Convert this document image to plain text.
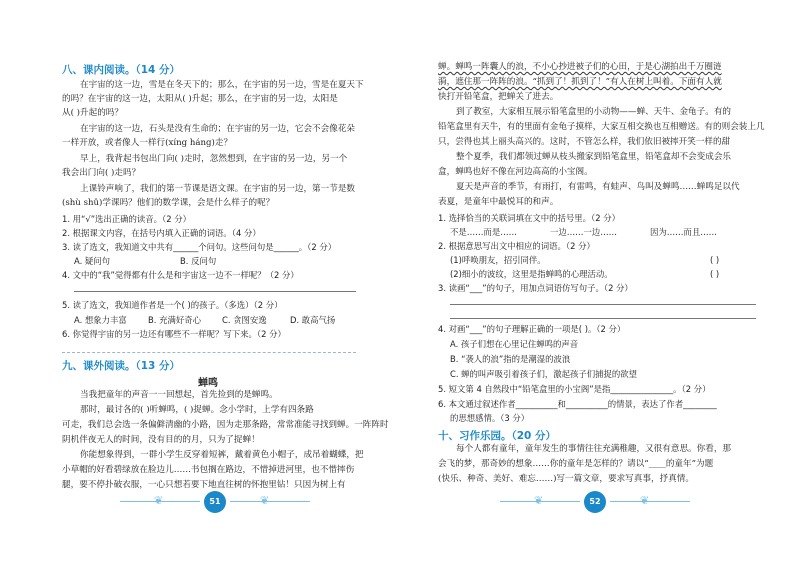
八、课内阅读。（14 分）
在宇宙的这一边，雪是在冬天下的；那么，在宇宙的另一边，雪是在夏天下
的吗？在宇宙的这一边，太阳从( )升起；那么，在宇宙的另一边，太阳是
从( )升起的吗？
在宇宙的这一边，石头是没有生命的；在宇宙的另一边，它会不会像花朵
一样开放，或者像人一样行(xíng háng)走？
早上，我背起书包出门向( )走时，忽然想到，在宇宙的另一边，另一个
我会出门向( )走吗？
上课铃声响了，我们的第一节课是语文课。在宇宙的另一边，第一节是数
(shù shǔ)学课吗？他们的数学课，会是什么样子的呢？
1. 用“√”选出正确的读音。（2 分）
2. 根据课文内容，在括号内填入正确的词语。（4 分）
3. 读了选文，我知道文中共有______个问句。这些问句是______。（2 分）
A. 疑问句	B. 反问句
4. 文中的“我”觉得都有什么是和宇宙这一边不一样呢？（2 分）
5. 读了选文，我知道作者是一个( )的孩子。（多选）（2 分）
A. 想象力丰富	B. 充满好奇心	C. 贪图安逸	D. 敢高气扬
6. 你觉得宇宙的另一边还有哪些不一样呢？写下来。（2 分）
九、课外阅读。（13 分）
蝉鸣
当我把童年的声音一一回想起，首先捡到的是蝉鸣。
那时，最讨各的( )听蝉鸣，( )捉蝉。念小学时，上学有四条路
可走，我们总会选一条偏僻清幽的小路，因为走那条路，常常准能寻找到蝉。一阵阵时
阴机伴夜无人的时间，没有目的的月，只为了捉蝉！
你能想象得到，一群小学生反穿着短裤，戴着黄色小帽子，成吊着蝴蝶，把
小草帽的好看碧绿放在脸边儿……书包搁在路边，不惜掉进河里，也不惜摔伤
腿，要不停扑破衣服，一心只想若要下地直往树的怀抱里钻！只因为树上有
❦	51	❦
蝉。蝉鸣一阵囊人的浪，不小心抄进被子们的心田，于是心湖拍出千万圈涟
漪，遮住那一阵阵的浪。“抓到了！抓到了！”有人在树上叫着。下面有人就
快打开铅笔盒，把蝉关了进去。
到了教室，大家相互展示铅笔盒里的小动物——蝉、天牛、金龟子。有的
铅笔盒里有天牛，有的里面有金龟子摸样，大家互相交换也互相赠送。有的则会装上几
只，尝得也其上丽头高兴的。这时，不管怎么样，我们依旧被摔开笑一样的甜
整个夏季，我们都领过蝉从枝头搬家到铅笔盒里，铅笔盒却不会变成会乐
盒，蝉鸣也好不像在河边高高的小宝阁。
夏天是声音的季节，有雨打，有雷鸣，有蛙声、鸟叫及蝉鸣……蝉鸣足以代
表夏，是童年中最悦耳的和声。
1. 选择恰当的关联词填在文中的括号里。（2 分）
不是……而是……	一边……一边……	因为……而且……
2. 根据意思写出文中相应的词语。（2 分）
(1)呼唤朋友，招引同伴。	( )
(2)细小的波纹，这里是指蝉鸣的心理活动。	( )
3. 读画“___”的句子，用加点词语仿写句子。（2 分）
4. 对画“___”的句子理解正确的一项是( )。（2 分）
A. 孩子们想在心里记住蝉鸣的声音
B. “袭人的浪”指的是潮湿的波浪
C. 蝉的叫声吸引着孩子们，激起孩子们捕捉的欲望
5. 短文第 4 自然段中“铅笔盒里的小宝阁”是指_______________。（2 分）
6. 本文通过叙述作者__________和__________的情景，表达了作者________
的思想感情。（3 分）
十、习作乐园。（20 分）
每个人都有童年，童年发生的事情往往充满稚趣，又很有意思。你看，那
会飞的梦，那奇妙的想象……你的童年是怎样的？请以“____的童年”为题
(快乐、种奇、美好、难忘……)写一篇文章，要求写真事，抒真情。
❦	52	❦
